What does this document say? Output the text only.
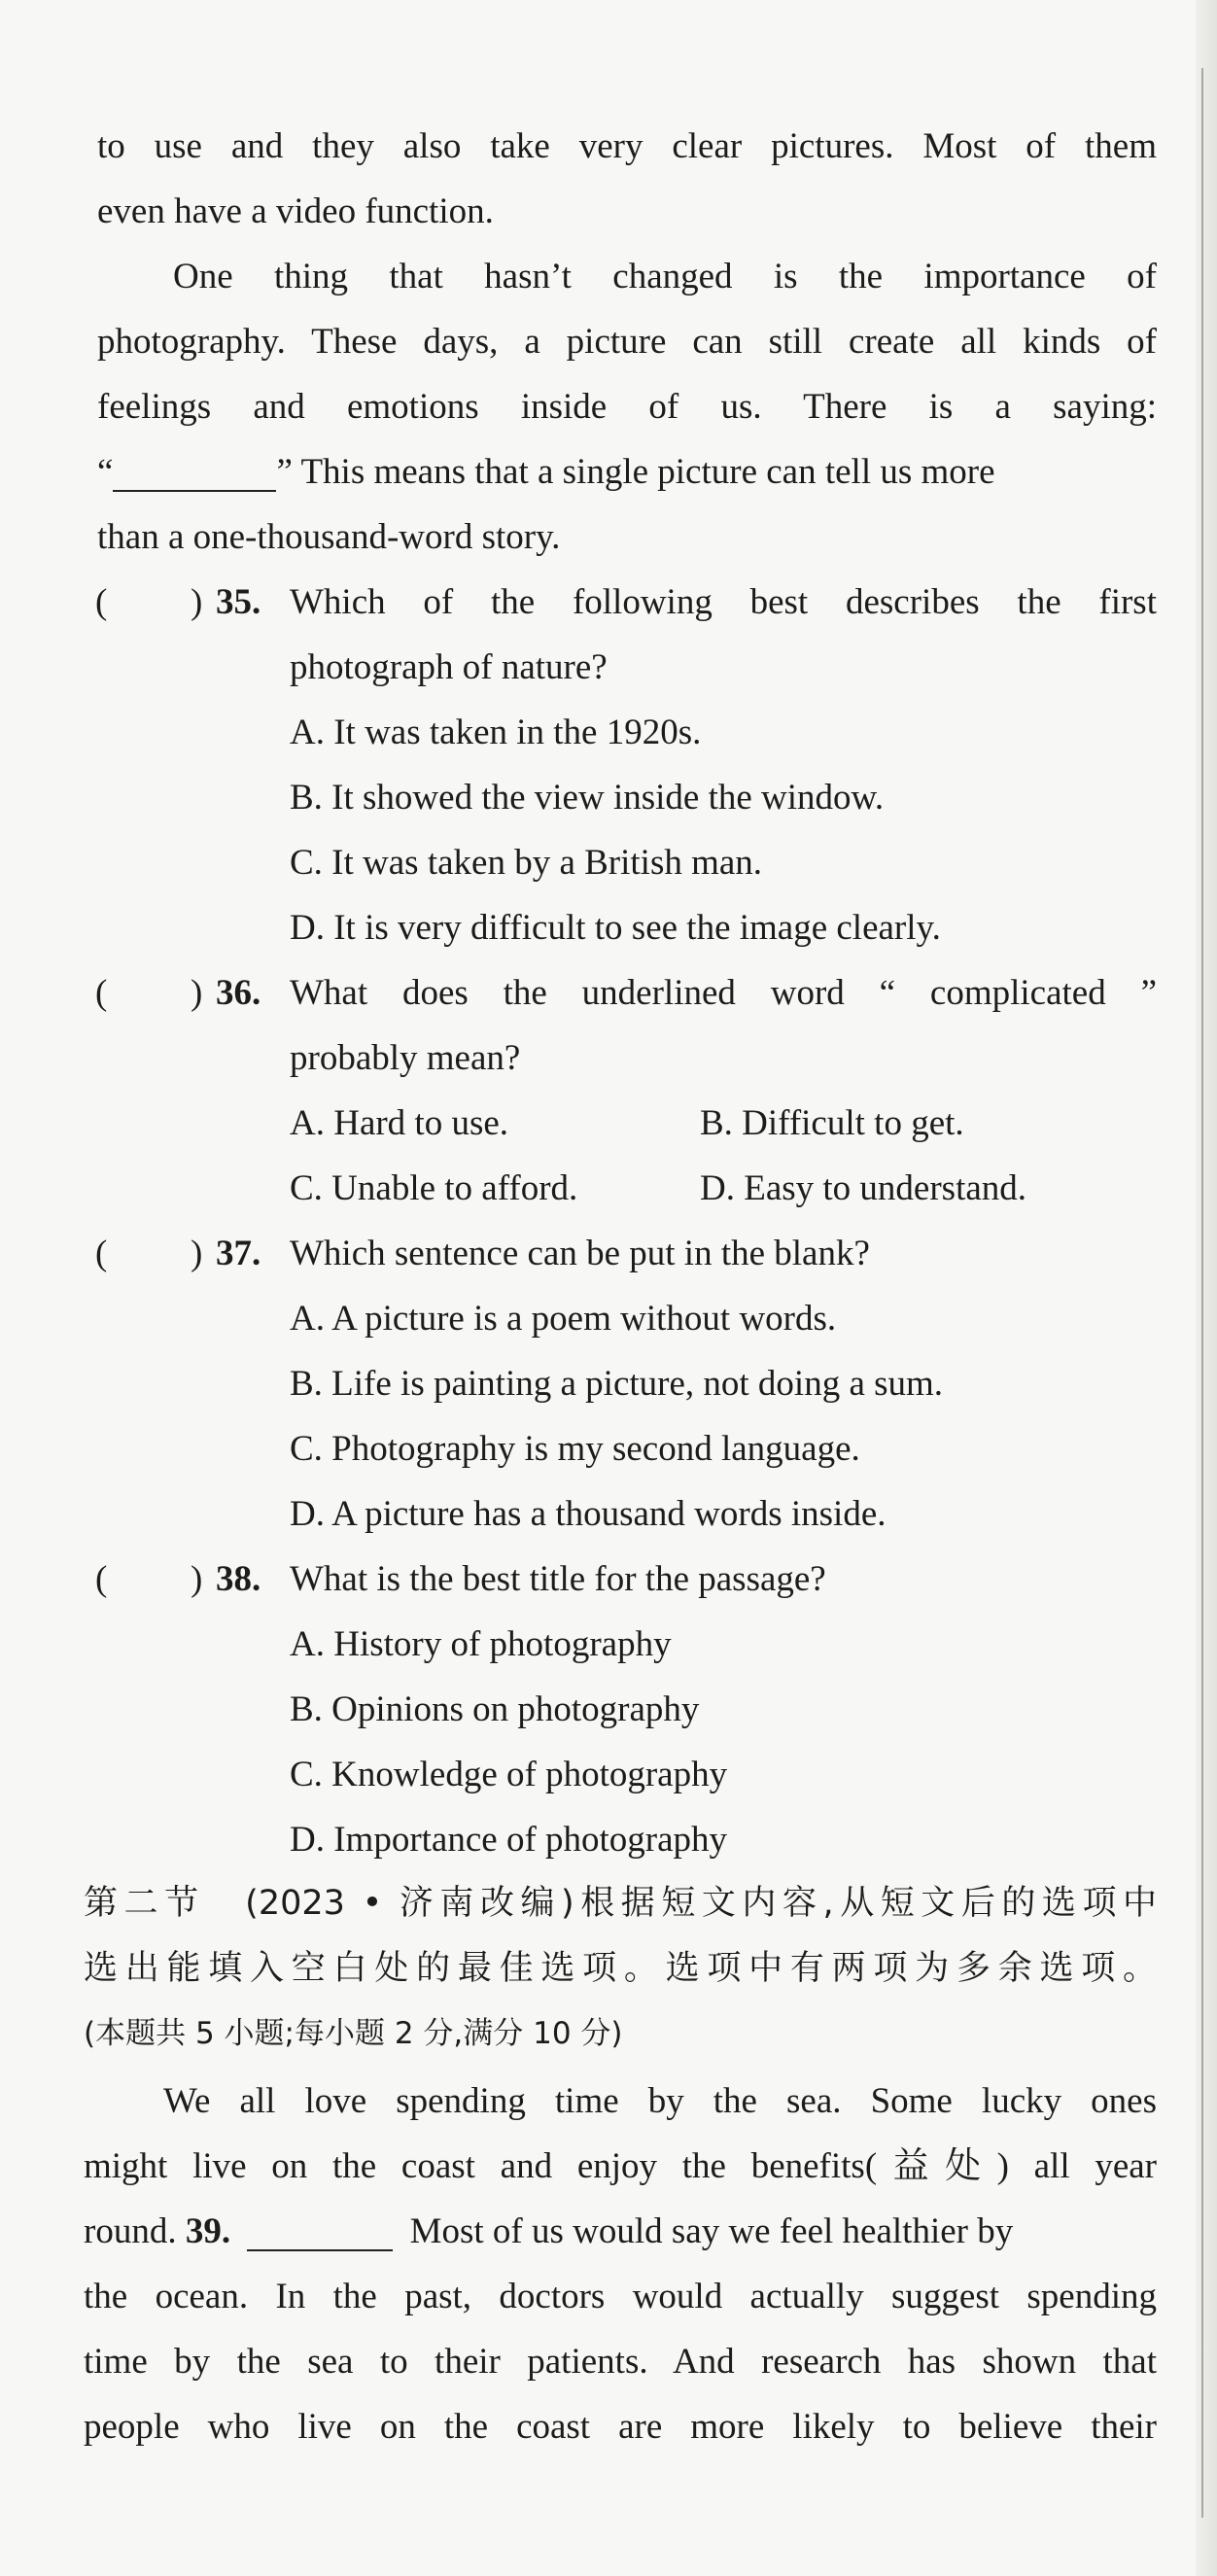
to use and they also take very clear pictures. Most of them
even have a video function.
One thing that hasn’t changed is the importance of
photography. These days, a picture can still create all kinds of
feelings and emotions inside of us. There is a saying:
“	” This means that a single picture can tell us more
than a one-thousand-word story.
( ) 35. Which of the following best describes the first
photograph of nature?
A. It was taken in the 1920s.
B. It showed the view inside the window.
C. It was taken by a British man.
D. It is very difficult to see the image clearly.
( ) 36. What does the underlined word “ complicated ”
probably mean?
A. Hard to use.	B. Difficult to get.
C. Unable to afford.	D. Easy to understand.
( ) 37. Which sentence can be put in the blank?
A. A picture is a poem without words.
B. Life is painting a picture, not doing a sum.
C. Photography is my second language.
D. A picture has a thousand words inside.
( ) 38. What is the best title for the passage?
A. History of photography
B. Opinions on photography
C. Knowledge of photography
D. Importance of photography
第二节　(2023 • 济南改编)根据短文内容,从短文后的选项中
选出能填入空白处的最佳选项。选项中有两项为多余选项。
(本题共 5 小题;每小题 2 分,满分 10 分)
We all love spending time by the sea. Some lucky ones
might live on the coast and enjoy the benefits(益处) all year
round. 39.	Most of us would say we feel healthier by
the ocean. In the past, doctors would actually suggest spending
time by the sea to their patients. And research has shown that
people who live on the coast are more likely to believe their
